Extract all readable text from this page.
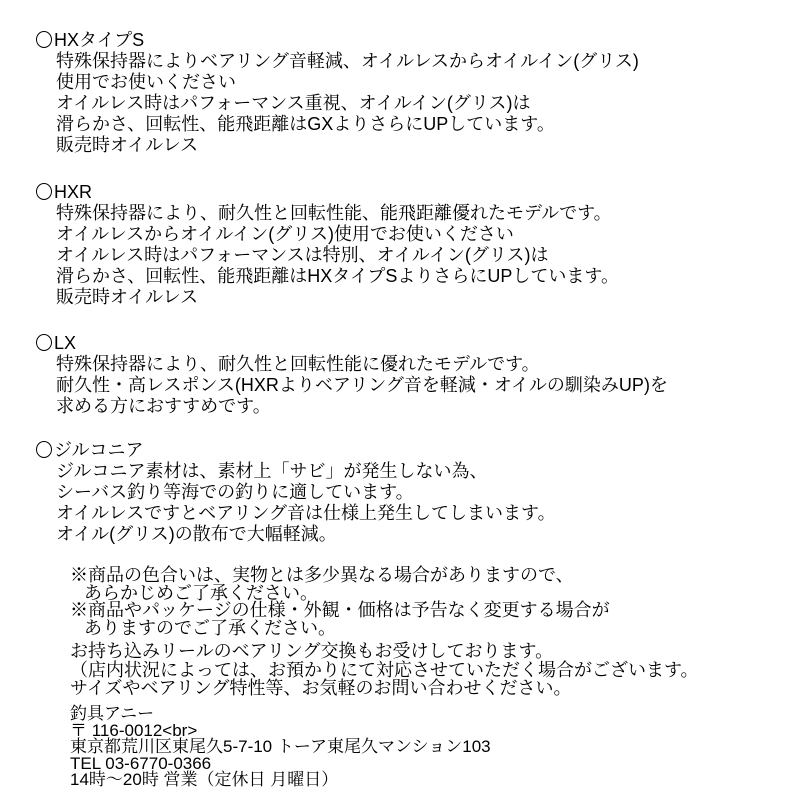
HXタイプS
特殊保持器によりベアリング音軽減、オイルレスからオイルイン(グリス)
使用でお使いください
オイルレス時はパフォーマンス重視、オイルイン(グリス)は
滑らかさ、回転性、能飛距離はGXよりさらにUPしています。
販売時オイルレス
HXR
特殊保持器により、耐久性と回転性能、能飛距離優れたモデルです。
オイルレスからオイルイン(グリス)使用でお使いください
オイルレス時はパフォーマンスは特別、オイルイン(グリス)は
滑らかさ、回転性、能飛距離はHXタイプSよりさらにUPしています。
販売時オイルレス
LX
特殊保持器により、耐久性と回転性能に優れたモデルです。
耐久性・高レスポンス(HXRよりベアリング音を軽減・オイルの馴染みUP)を
求める方におすすめです。
ジルコニア
ジルコニア素材は、素材上「サビ」が発生しない為、
シーバス釣り等海での釣りに適しています。
オイルレスですとベアリング音は仕様上発生してしまいます。
オイル(グリス)の散布で大幅軽減。
※商品の色合いは、実物とは多少異なる場合がありますので、
あらかじめご了承ください。
※商品やパッケージの仕様・外観・価格は予告なく変更する場合が
ありますのでご了承ください。
お持ち込みリールのベアリング交換もお受けしております。
（店内状況によっては、お預かりにて対応させていただく場合がございます。
サイズやベアリング特性等、お気軽のお問い合わせください。
釣具アニー
〒 116-0012<br>
東京都荒川区東尾久5-7-10 トーア東尾久マンション103
TEL 03-6770-0366
14時～20時 営業（定休日 月曜日）
